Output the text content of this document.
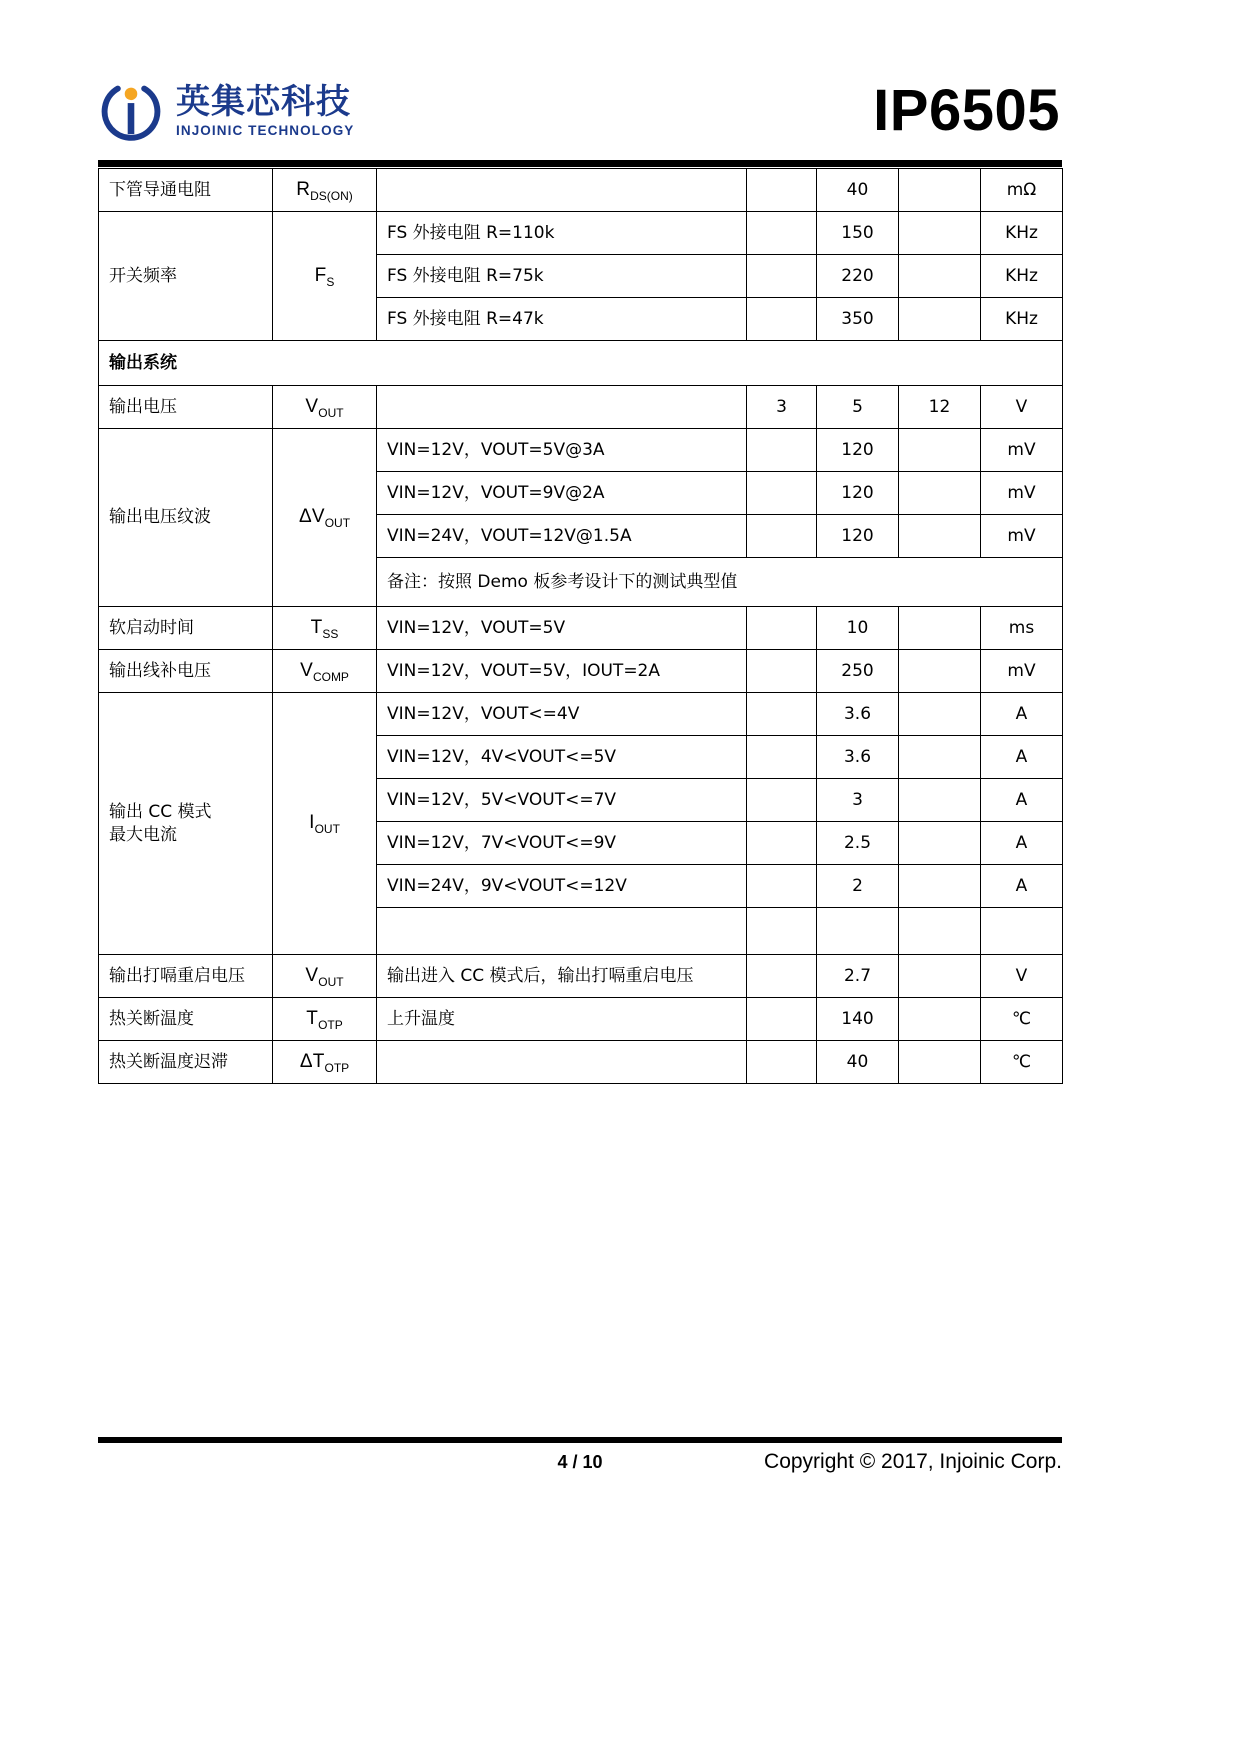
英集芯科技
INJOINIC TECHNOLOGY	IP6505
下管导通电阻	$R_{DS(ON)}$			40		mΩ
开关频率	$F_S$	FS 外接电阻 R=110k		150		KHz
		FS 外接电阻 R=75k		220		KHz
		FS 外接电阻 R=47k		350		KHz
输出系统						
输出电压	$V_{OUT}$		3	5	12	V
输出电压纹波	$\Delta V_{OUT}$	VIN=12V，VOUT=5V@3A		120		mV
		VIN=12V，VOUT=9V@2A		120		mV
		VIN=24V，VOUT=12V@1.5A		120		mV
		备注：按照 Demo 板参考设计下的测试典型值				
软启动时间	$T_{SS}$	VIN=12V，VOUT=5V		10		ms
输出线补电压	$V_{COMP}$	VIN=12V，VOUT=5V，IOUT=2A		250		mV

输出 CC 模式
最大电流	$I_{OUT}$	VIN=12V，VOUT<=4V		3.6		A
		VIN=12V，4V<VOUT<=5V		3.6		A
		VIN=12V，5V<VOUT<=7V		3		A
		VIN=12V，7V<VOUT<=9V		2.5		A
		VIN=24V，9V<VOUT<=12V		2		A

输出打嗝重启电压	$V_{OUT}$	输出进入 CC 模式后，输出打嗝重启电压		2.7		V
热关断温度	$T_{OTP}$	上升温度		140		℃
热关断温度迟滞	$\Delta T_{OTP}$			40		℃
4 / 10	Copyright © 2017, Injoinic Corp.
